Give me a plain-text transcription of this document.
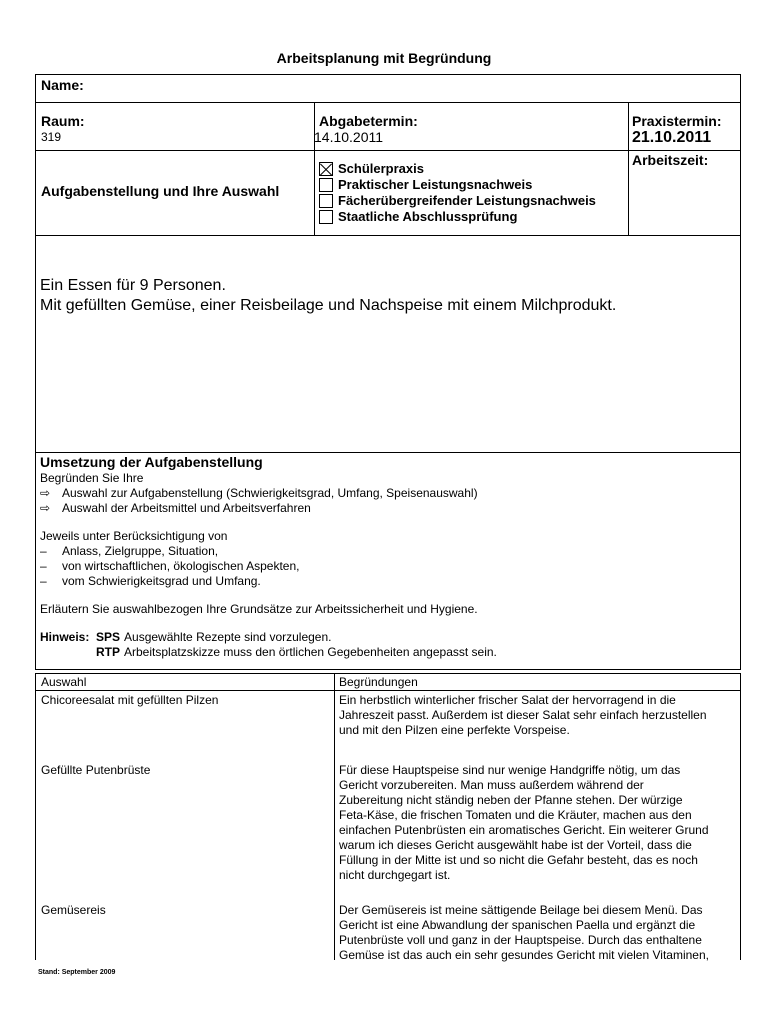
Arbeitsplanung mit Begründung
Name:
Raum:
319
Abgabetermin:
14.10.2011
Praxistermin:
21.10.2011
Aufgabenstellung und Ihre Auswahl
Schülerpraxis
Praktischer Leistungsnachweis
Fächerübergreifender Leistungsnachweis
Staatliche Abschlussprüfung
Arbeitszeit:
Ein Essen für 9 Personen.
Mit gefüllten Gemüse, einer Reisbeilage und Nachspeise mit einem Milchprodukt.
Umsetzung der Aufgabenstellung
Begründen Sie Ihre
⇨ Auswahl zur Aufgabenstellung (Schwierigkeitsgrad, Umfang, Speisenauswahl)
⇨ Auswahl der Arbeitsmittel und Arbeitsverfahren
Jeweils unter Berücksichtigung von
–	Anlass, Zielgruppe, Situation,
–	von wirtschaftlichen, ökologischen Aspekten,
–	vom Schwierigkeitsgrad und Umfang.
Erläutern Sie auswahlbezogen Ihre Grundsätze zur Arbeitssicherheit und Hygiene.
Hinweis: SPS Ausgewählte Rezepte sind vorzulegen.
RTP Arbeitsplatzskizze muss den örtlichen Gegebenheiten angepasst sein.
Auswahl	Begründungen
Chicoreesalat mit gefüllten Pilzen	Ein herbstlich winterlicher frischer Salat der hervorragend in die
Jahreszeit passt. Außerdem ist dieser Salat sehr einfach herzustellen
und mit den Pilzen eine perfekte Vorspeise.
Gefüllte Putenbrüste	Für diese Hauptspeise sind nur wenige Handgriffe nötig, um das
Gericht vorzubereiten. Man muss außerdem während der
Zubereitung nicht ständig neben der Pfanne stehen. Der würzige
Feta-Käse, die frischen Tomaten und die Kräuter, machen aus den
einfachen Putenbrüsten ein aromatisches Gericht. Ein weiterer Grund
warum ich dieses Gericht ausgewählt habe ist der Vorteil, dass die
Füllung in der Mitte ist und so nicht die Gefahr besteht, das es noch
nicht durchgegart ist.
Gemüsereis	Der Gemüsereis ist meine sättigende Beilage bei diesem Menü. Das
Gericht ist eine Abwandlung der spanischen Paella und ergänzt die
Putenbrüste voll und ganz in der Hauptspeise. Durch das enthaltene
Gemüse ist das auch ein sehr gesundes Gericht mit vielen Vitaminen,
Stand: September 2009
